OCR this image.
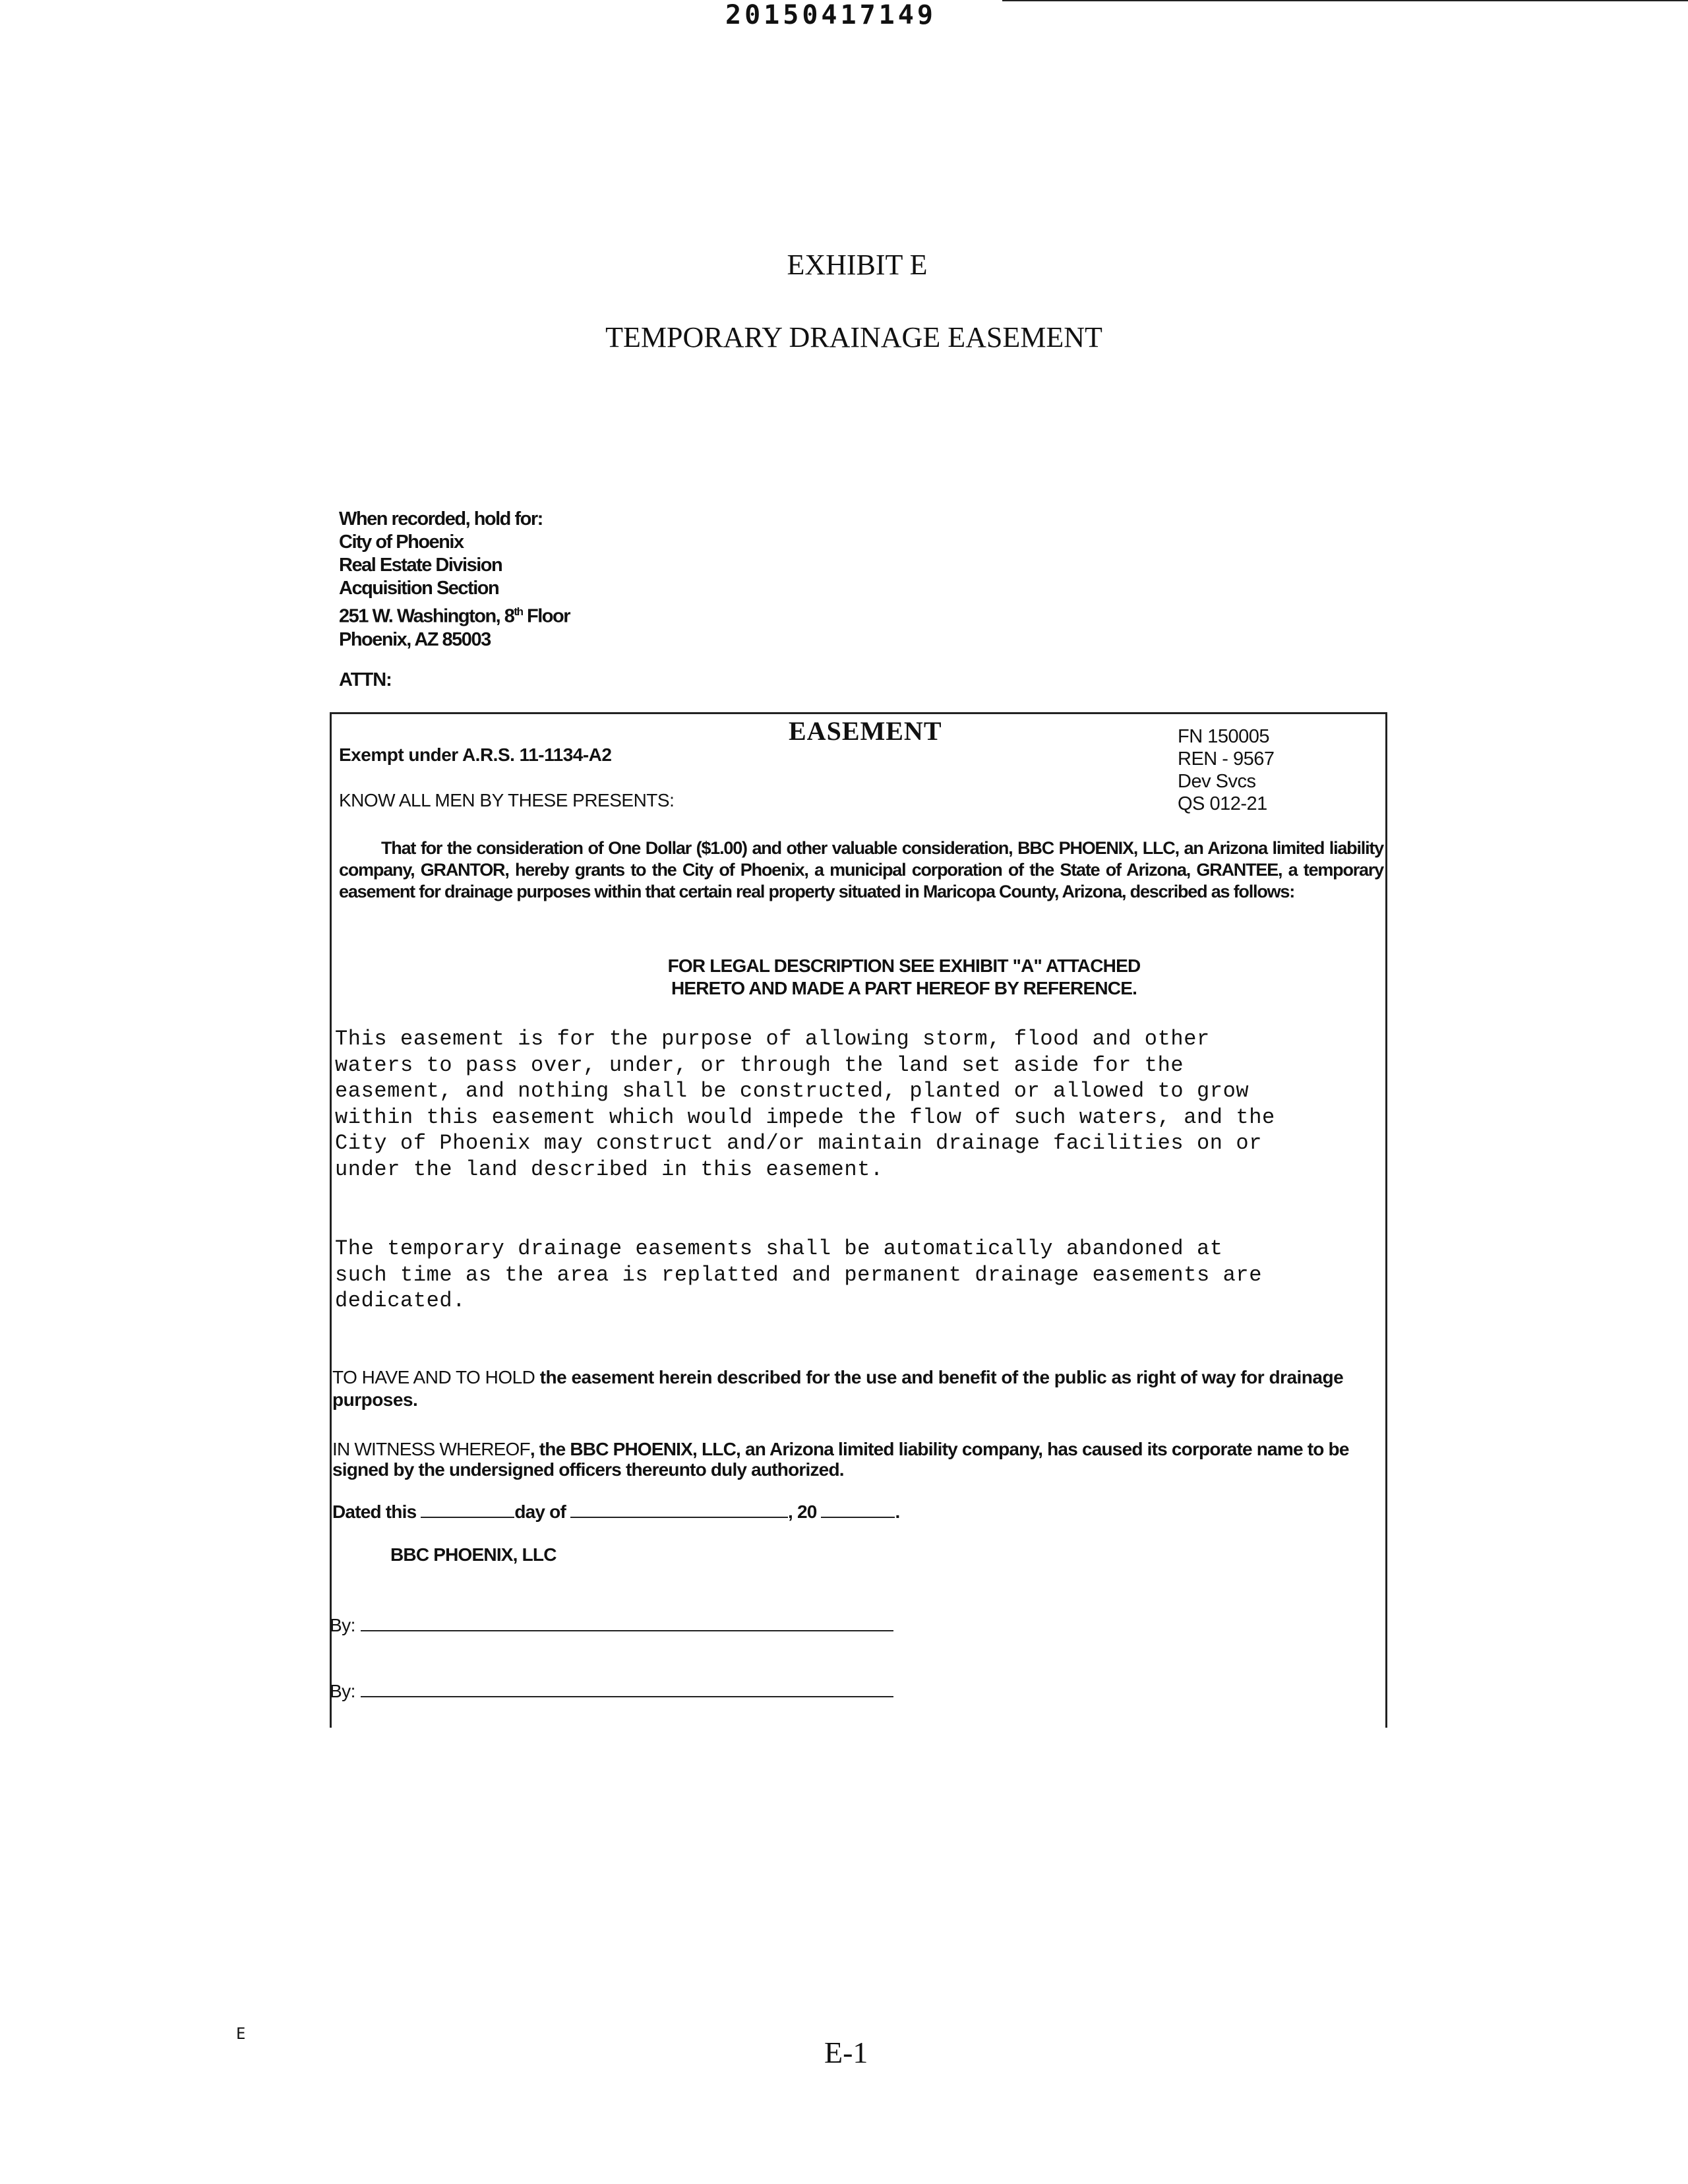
20150417149
EXHIBIT E
TEMPORARY DRAINAGE EASEMENT
When recorded, hold for:
City of Phoenix
Real Estate Division
Acquisition Section
251 W. Washington, 8th Floor
Phoenix, AZ 85003
ATTN:
EASEMENT
Exempt under A.R.S. 11-1134-A2
KNOW ALL MEN BY THESE PRESENTS:
FN 150005
REN - 9567
Dev Svcs
QS 012-21
That for the consideration of One Dollar ($1.00) and other valuable consideration, BBC PHOENIX, LLC, an Arizona limited liability company, GRANTOR, hereby grants to the City of Phoenix, a municipal corporation of the State of Arizona, GRANTEE, a temporary easement for drainage purposes within that certain real property situated in Maricopa County, Arizona, described as follows:
FOR LEGAL DESCRIPTION SEE EXHIBIT "A" ATTACHED
HERETO AND MADE A PART HEREOF BY REFERENCE.
This easement is for the purpose of allowing storm, flood and other
waters to pass over, under, or through the land set aside for the
easement, and nothing shall be constructed, planted or allowed to grow
within this easement which would impede the flow of such waters, and the
City of Phoenix may construct and/or maintain drainage facilities on or
under the land described in this easement.
The temporary drainage easements shall be automatically abandoned at
such time as the area is replatted and permanent drainage easements are
dedicated.
TO HAVE AND TO HOLD the easement herein described for the use and benefit of the public as right of way for drainage purposes.
IN WITNESS WHEREOF, the BBC PHOENIX, LLC, an Arizona limited liability company, has caused its corporate name to be signed by the undersigned officers thereunto duly authorized.
Dated this	day of	, 20	.
BBC PHOENIX, LLC
By:
By:
E
E-1
